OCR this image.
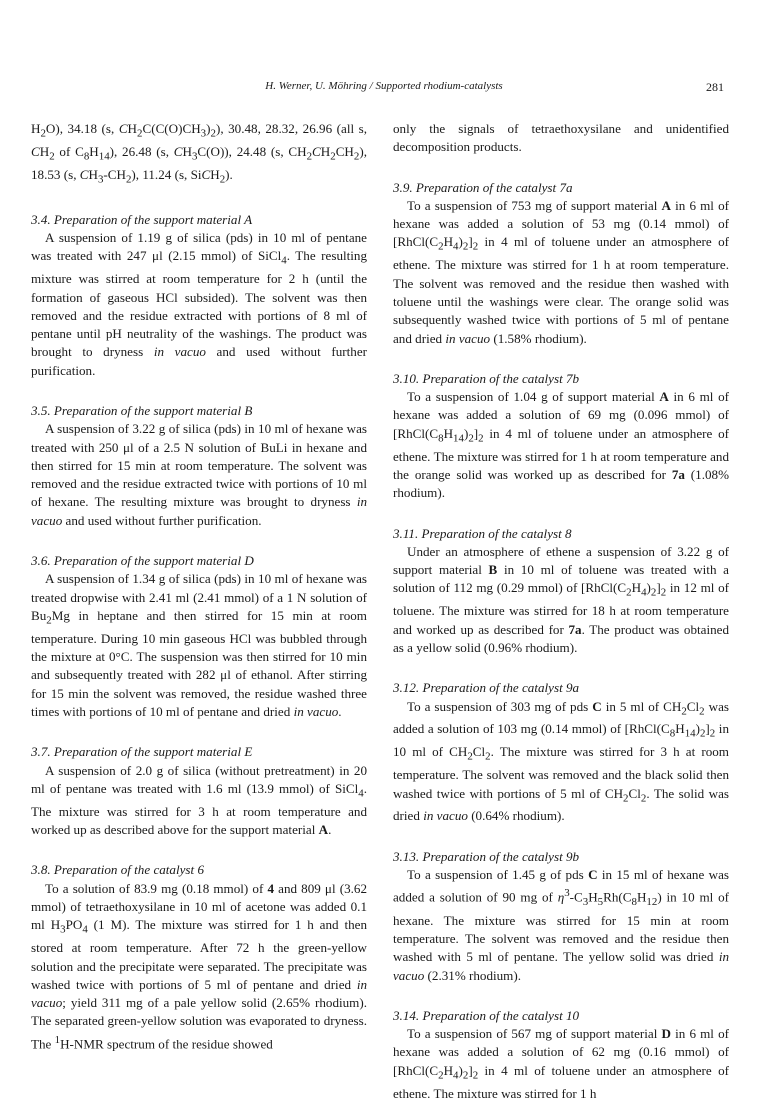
H. Werner, U. Möhring / Supported rhodium-catalysts	281

$H_2O$), 34.18 (s, $CH_2C(C(O)CH_3)_2$), 30.48, 28.32, 26.96 (all s, $CH_2$ of $C_8H_{14}$), 26.48 (s, $CH_3C(O)$), 24.48 (s, $CH_2CH_2CH_2$), 18.53 (s, $CH_3-CH_2$), 11.24 (s, SiCH$_2$).

3.4. Preparation of the support material A

A suspension of 1.19 g of silica (pds) in 10 ml of pentane was treated with 247 μl (2.15 mmol) of SiCl$_4$. The resulting mixture was stirred at room temperature for 2 h (until the formation of gaseous HCl subsided). The solvent was then removed and the residue extracted with portions of 8 ml of pentane until pH neutrality of the washings. The product was brought to dryness in vacuo and used without further purification.

3.5. Preparation of the support material B

A suspension of 3.22 g of silica (pds) in 10 ml of hexane was treated with 250 μl of a 2.5 N solution of BuLi in hexane and then stirred for 15 min at room temperature. The solvent was removed and the residue extracted twice with portions of 10 ml of hexane. The resulting mixture was brought to dryness in vacuo and used without further purification.

3.6. Preparation of the support material D

A suspension of 1.34 g of silica (pds) in 10 ml of hexane was treated dropwise with 2.41 ml (2.41 mmol) of a 1 N solution of $Bu_2Mg$ in heptane and then stirred for 15 min at room temperature. During 10 min gaseous HCl was bubbled through the mixture at 0°C. The suspension was then stirred for 10 min and subsequently treated with 282 μl of ethanol. After stirring for 15 min the solvent was removed, the residue washed three times with portions of 10 ml of pentane and dried in vacuo.

3.7. Preparation of the support material E

A suspension of 2.0 g of silica (without pretreatment) in 20 ml of pentane was treated with 1.6 ml (13.9 mmol) of SiCl$_4$. The mixture was stirred for 3 h at room temperature and worked up as described above for the support material A.

3.8. Preparation of the catalyst 6

To a solution of 83.9 mg (0.18 mmol) of 4 and 809 μl (3.62 mmol) of tetraethoxysilane in 10 ml of acetone was added 0.1 ml $H_3PO_4$ (1 M). The mixture was stirred for 1 h and then stored at room temperature. After 72 h the green-yellow solution and the precipitate were separated. The precipitate was washed twice with portions of 5 ml of pentane and dried in vacuo; yield 311 mg of a pale yellow solid (2.65% rhodium). The separated green-yellow solution was evaporated to dryness. The $^1$H-NMR spectrum of the residue showed

only the signals of tetraethoxysilane and unidentified decomposition products.

3.9. Preparation of the catalyst 7a

To a suspension of 753 mg of support material A in 6 ml of hexane was added a solution of 53 mg (0.14 mmol) of $[RhCl(C_2H_4)_2]_2$ in 4 ml of toluene under an atmosphere of ethene. The mixture was stirred for 1 h at room temperature. The solvent was removed and the residue then washed with toluene until the washings were clear. The orange solid was subsequently washed twice with portions of 5 ml of pentane and dried in vacuo (1.58% rhodium).

3.10. Preparation of the catalyst 7b

To a suspension of 1.04 g of support material A in 6 ml of hexane was added a solution of 69 mg (0.096 mmol) of $[RhCl(C_8H_{14})_2]_2$ in 4 ml of toluene under an atmosphere of ethene. The mixture was stirred for 1 h at room temperature and the orange solid was worked up as described for 7a (1.08% rhodium).

3.11. Preparation of the catalyst 8

Under an atmosphere of ethene a suspension of 3.22 g of support material B in 10 ml of toluene was treated with a solution of 112 mg (0.29 mmol) of $[RhCl(C_2H_4)_2]_2$ in 12 ml of toluene. The mixture was stirred for 18 h at room temperature and worked up as described for 7a. The product was obtained as a yellow solid (0.96% rhodium).

3.12. Preparation of the catalyst 9a

To a suspension of 303 mg of pds C in 5 ml of $CH_2Cl_2$ was added a solution of 103 mg (0.14 mmol) of $[RhCl(C_8H_{14})_2]_2$ in 10 ml of $CH_2Cl_2$. The mixture was stirred for 3 h at room temperature. The solvent was removed and the black solid then washed twice with portions of 5 ml of $CH_2Cl_2$. The solid was dried in vacuo (0.64% rhodium).

3.13. Preparation of the catalyst 9b

To a suspension of 1.45 g of pds C in 15 ml of hexane was added a solution of 90 mg of $\eta^3-C_3H_5Rh(C_8H_{12})$ in 10 ml of hexane. The mixture was stirred for 15 min at room temperature. The solvent was removed and the residue then washed with 5 ml of pentane. The yellow solid was dried in vacuo (2.31% rhodium).

3.14. Preparation of the catalyst 10

To a suspension of 567 mg of support material D in 6 ml of hexane was added a solution of 62 mg (0.16 mmol) of $[RhCl(C_2H_4)_2]_2$ in 4 ml of toluene under an atmosphere of ethene. The mixture was stirred for 1 h
